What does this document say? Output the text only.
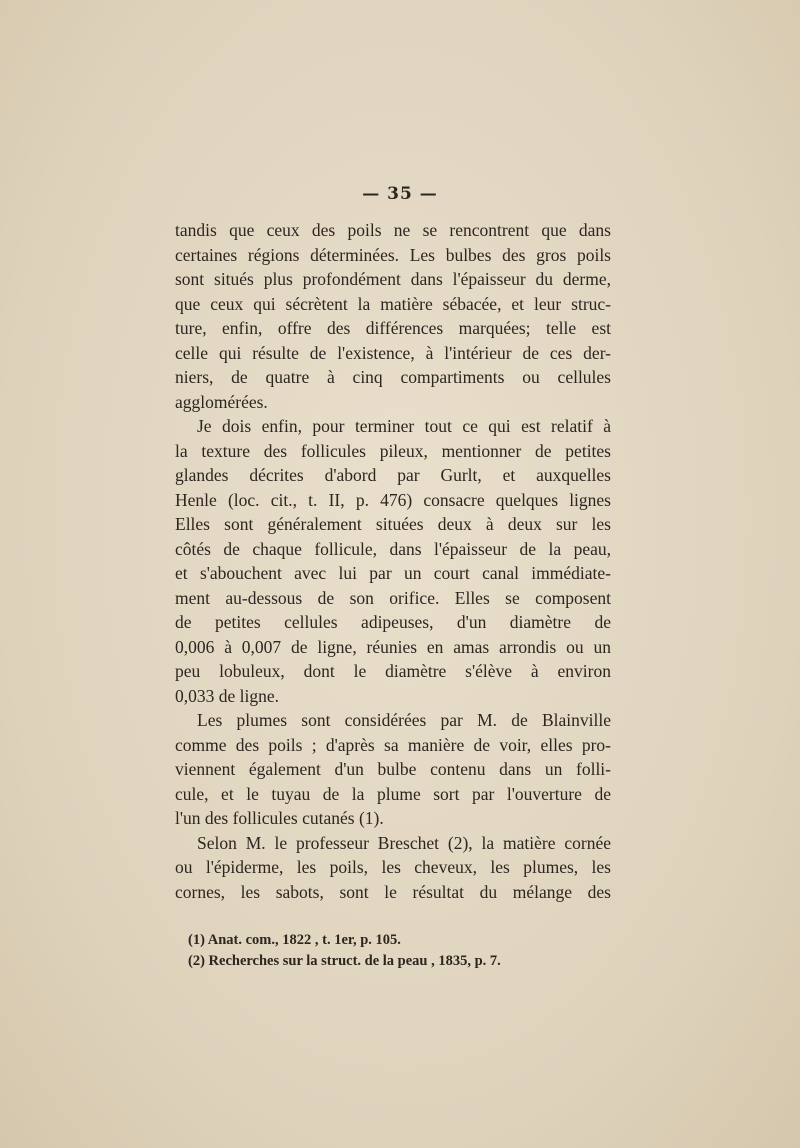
— 35 —
tandis que ceux des poils ne se rencontrent que dans
certaines régions déterminées. Les bulbes des gros poils
sont situés plus profondément dans l'épaisseur du derme,
que ceux qui sécrètent la matière sébacée, et leur struc-
ture, enfin, offre des différences marquées; telle est
celle qui résulte de l'existence, à l'intérieur de ces der-
niers, de quatre à cinq compartiments ou cellules
agglomérées.
Je dois enfin, pour terminer tout ce qui est relatif à
la texture des follicules pileux, mentionner de petites
glandes décrites d'abord par Gurlt, et auxquelles
Henle (loc. cit., t. II, p. 476) consacre quelques lignes
Elles sont généralement situées deux à deux sur les
côtés de chaque follicule, dans l'épaisseur de la peau,
et s'abouchent avec lui par un court canal immédiate-
ment au-dessous de son orifice. Elles se composent
de petites cellules adipeuses, d'un diamètre de
0,006 à 0,007 de ligne, réunies en amas arrondis ou un
peu lobuleux, dont le diamètre s'élève à environ
0,033 de ligne.
Les plumes sont considérées par M. de Blainville
comme des poils ; d'après sa manière de voir, elles pro-
viennent également d'un bulbe contenu dans un folli-
cule, et le tuyau de la plume sort par l'ouverture de
l'un des follicules cutanés (1).
Selon M. le professeur Breschet (2), la matière cornée
ou l'épiderme, les poils, les cheveux, les plumes, les
cornes, les sabots, sont le résultat du mélange des
(1) Anat. com., 1822 , t. 1er, p. 105.
(2) Recherches sur la struct. de la peau , 1835, p. 7.
